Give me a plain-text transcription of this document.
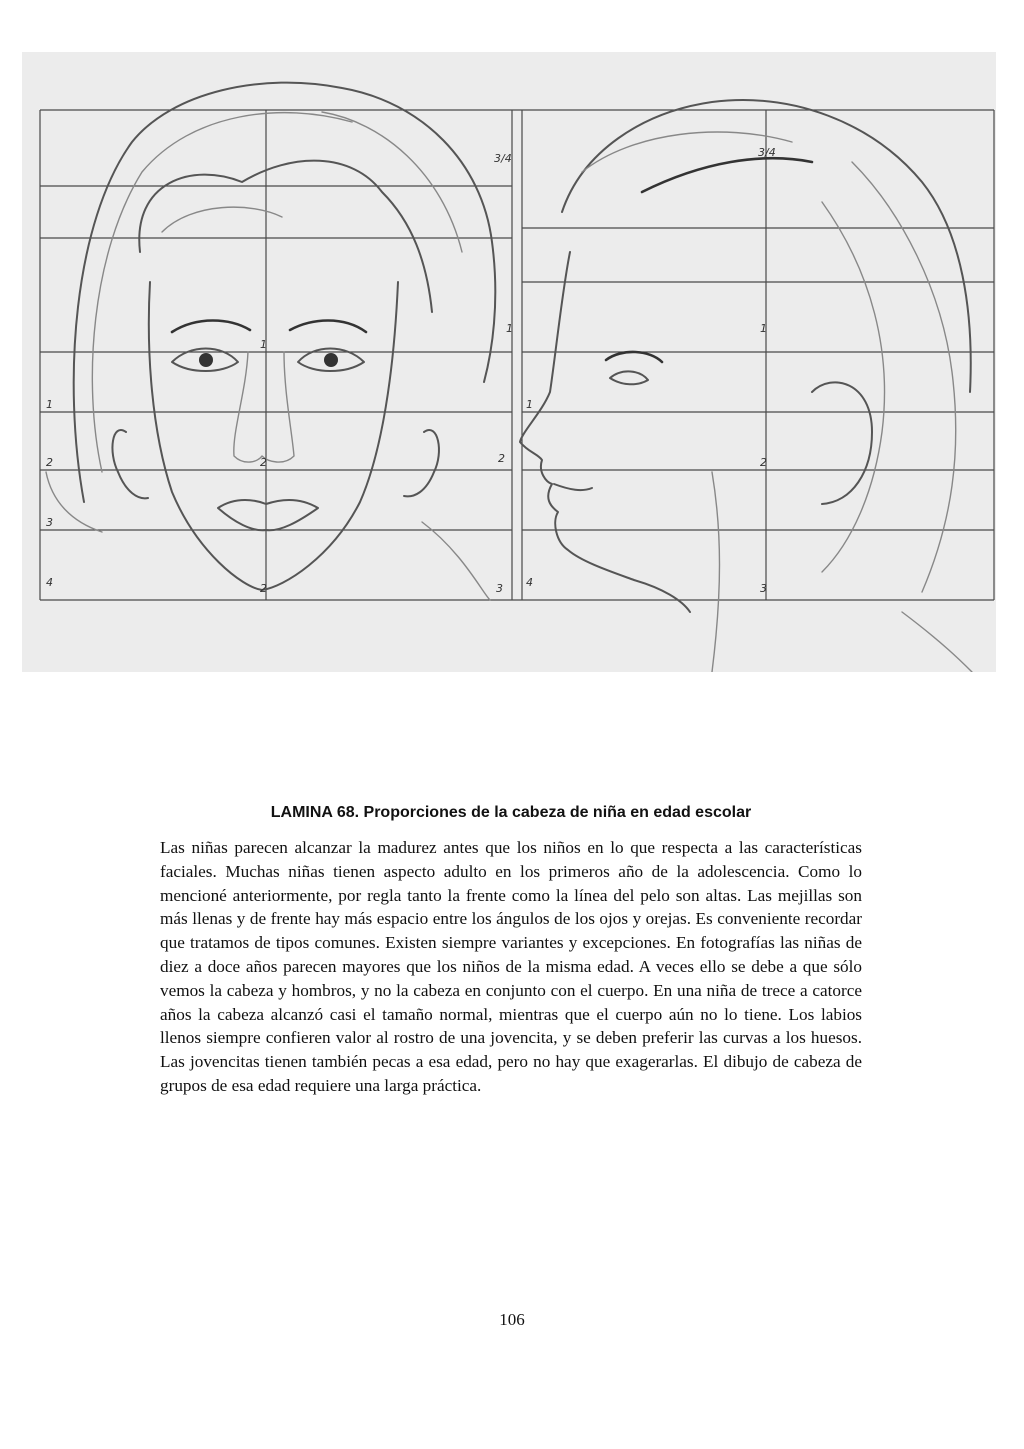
3/4
1
1
1
2	2
2
3
4	2	3
3/4
1
1
2
4	3
LAMINA 68. Proporciones de la cabeza de niña en edad escolar

Las niñas parecen alcanzar la madurez antes que los niños en lo que respecta a las características faciales. Muchas niñas tienen aspecto adulto en los primeros año de la adolescencia. Como lo mencioné anteriormente, por regla tanto la frente como la línea del pelo son altas. Las mejillas son más llenas y de frente hay más espacio entre los ángulos de los ojos y orejas. Es conveniente recordar que tratamos de tipos comunes. Existen siempre variantes y excepciones. En fotografías las niñas de diez a doce años parecen mayores que los niños de la misma edad. A veces ello se debe a que sólo vemos la cabeza y hombros, y no la cabeza en conjunto con el cuerpo. En una niña de trece a catorce años la cabeza alcanzó casi el tamaño normal, mientras que el cuerpo aún no lo tiene. Los labios llenos siempre confieren valor al rostro de una jovencita, y se deben preferir las curvas a los huesos. Las jovencitas tienen también pecas a esa edad, pero no hay que exagerarlas. El dibujo de cabeza de grupos de esa edad requiere una larga práctica.

106
